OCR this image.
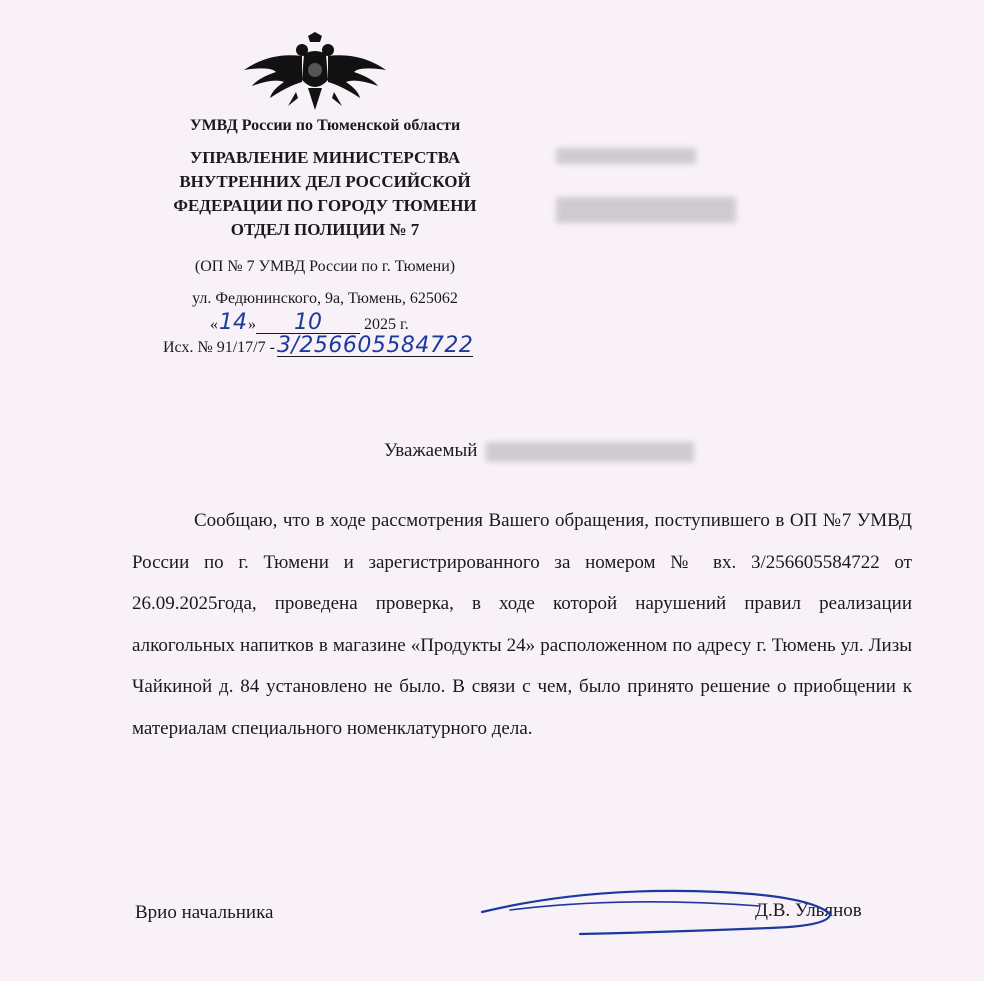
УМВД России по Тюменской области
УПРАВЛЕНИЕ МИНИСТЕРСТВА
ВНУТРЕННИХ ДЕЛ РОССИЙСКОЙ
ФЕДЕРАЦИИ ПО ГОРОДУ ТЮМЕНИ
ОТДЕЛ ПОЛИЦИИ № 7
(ОП № 7 УМВД России по г. Тюмени)
ул. Федюнинского, 9а, Тюмень, 625062
«14» 10	2025 г.
Исх. № 91/17/7 -3/256605584722
Уважаемый
Сообщаю, что в ходе рассмотрения Вашего обращения, поступившего в ОП №7 УМВД России по г. Тюмени и зарегистрированного за номером № вх. 3/256605584722 от 26.09.2025года, проведена проверка, в ходе которой нарушений правил реализации алкогольных напитков в магазине «Продукты 24» расположенном по адресу г. Тюмень ул. Лизы Чайкиной д. 84 установлено не было. В связи с чем, было принято решение о приобщении к материалам специального номенклатурного дела.
Врио начальника	Д.В. Ульянов
